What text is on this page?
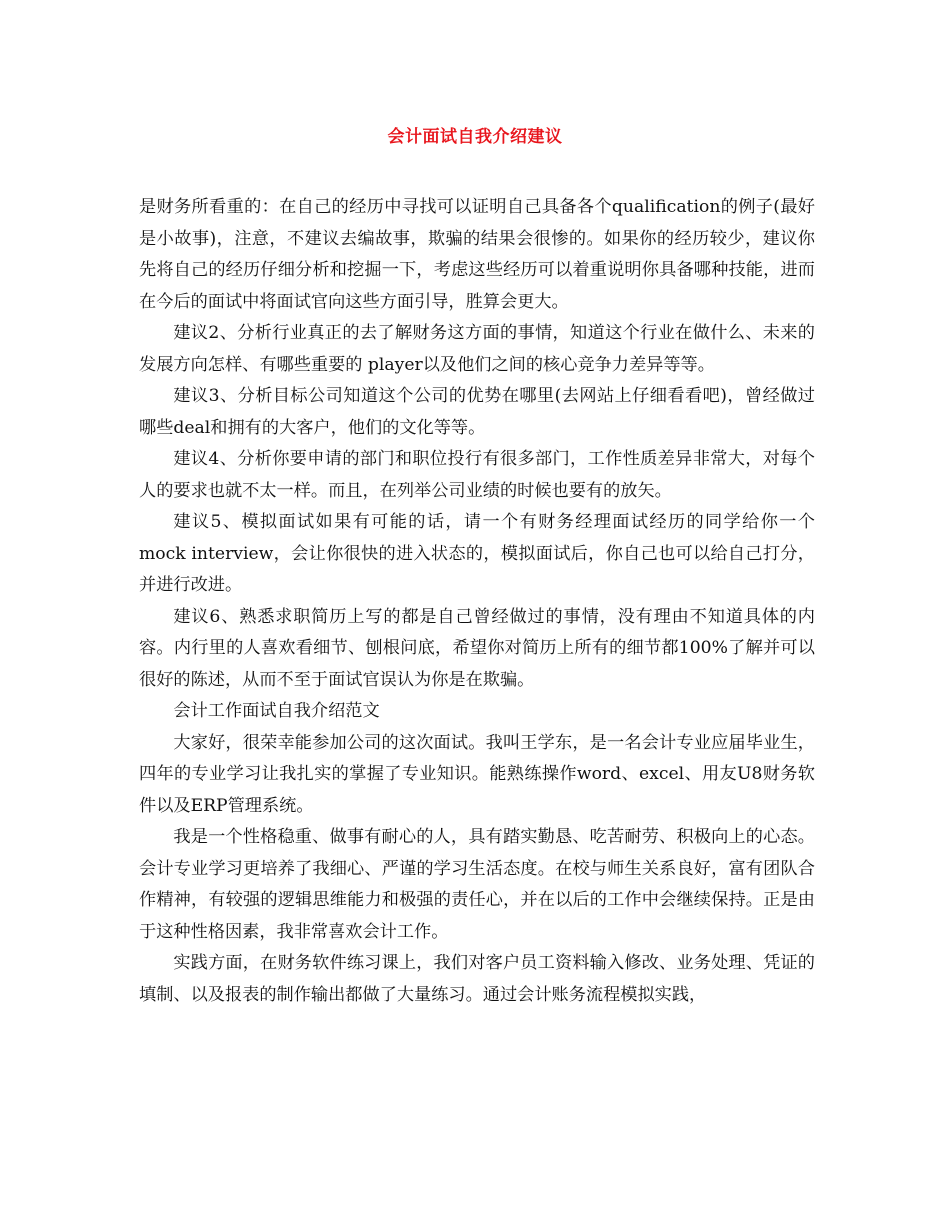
会计面试自我介绍建议

是财务所看重的：在自己的经历中寻找可以证明自己具备各个qualification的例子(最好是小故事)，注意，不建议去编故事，欺骗的结果会很惨的。如果你的经历较少，建议你先将自己的经历仔细分析和挖掘一下，考虑这些经历可以着重说明你具备哪种技能，进而在今后的面试中将面试官向这些方面引导，胜算会更大。

建议2、分析行业真正的去了解财务这方面的事情，知道这个行业在做什么、未来的发展方向怎样、有哪些重要的 player以及他们之间的核心竞争力差异等等。

建议3、分析目标公司知道这个公司的优势在哪里(去网站上仔细看看吧)，曾经做过哪些deal和拥有的大客户，他们的文化等等。

建议4、分析你要申请的部门和职位投行有很多部门，工作性质差异非常大，对每个人的要求也就不太一样。而且，在列举公司业绩的时候也要有的放矢。

建议5、模拟面试如果有可能的话，请一个有财务经理面试经历的同学给你一个mock interview，会让你很快的进入状态的，模拟面试后，你自己也可以给自己打分，并进行改进。

建议6、熟悉求职简历上写的都是自己曾经做过的事情，没有理由不知道具体的内容。内行里的人喜欢看细节、刨根问底，希望你对简历上所有的细节都100%了解并可以很好的陈述，从而不至于面试官误认为你是在欺骗。

会计工作面试自我介绍范文

大家好，很荣幸能参加公司的这次面试。我叫王学东，是一名会计专业应届毕业生，四年的专业学习让我扎实的掌握了专业知识。能熟练操作word、excel、用友U8财务软件以及ERP管理系统。

我是一个性格稳重、做事有耐心的人，具有踏实勤恳、吃苦耐劳、积极向上的心态。会计专业学习更培养了我细心、严谨的学习生活态度。在校与师生关系良好，富有团队合作精神，有较强的逻辑思维能力和极强的责任心，并在以后的工作中会继续保持。正是由于这种性格因素，我非常喜欢会计工作。

实践方面，在财务软件练习课上，我们对客户员工资料输入修改、业务处理、凭证的填制、以及报表的制作输出都做了大量练习。通过会计账务流程模拟实践，
